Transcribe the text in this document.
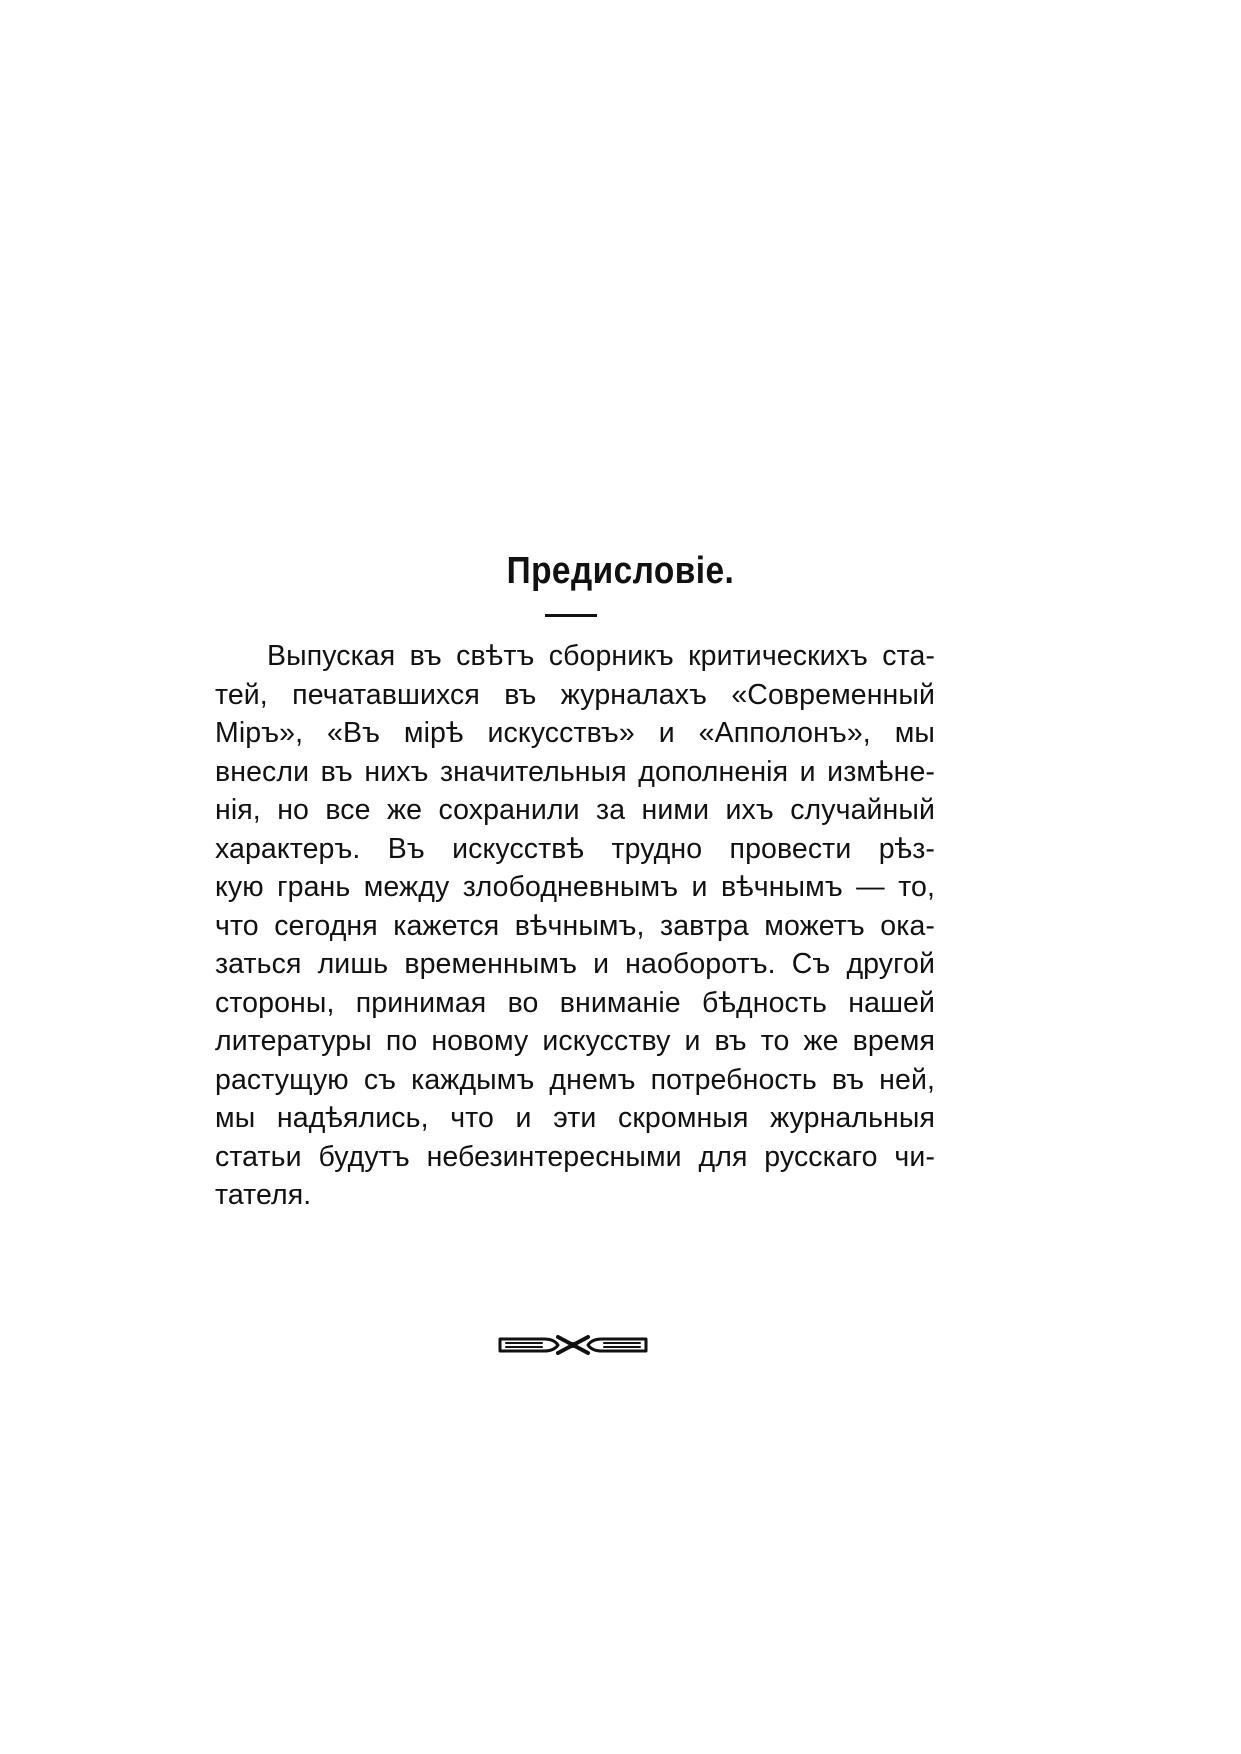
Предисловіе.
Выпуская въ свѣтъ сборникъ критическихъ ста-
тей, печатавшихся въ журналахъ «Современный
Міръ», «Въ мірѣ искусствъ» и «Апполонъ», мы
внесли въ нихъ значительныя дополненія и измѣне-
нія, но все же сохранили за ними ихъ случайный
характеръ. Въ искусствѣ трудно провести рѣз-
кую грань между злободневнымъ и вѣчнымъ — то,
что сегодня кажется вѣчнымъ, завтра можетъ ока-
заться лишь временнымъ и наоборотъ. Съ другой
стороны, принимая во вниманіе бѣдность нашей
литературы по новому искусству и въ то же время
растущую съ каждымъ днемъ потребность въ ней,
мы надѣялись, что и эти скромныя журнальныя
статьи будутъ небезинтересными для русскаго чи-
тателя.
